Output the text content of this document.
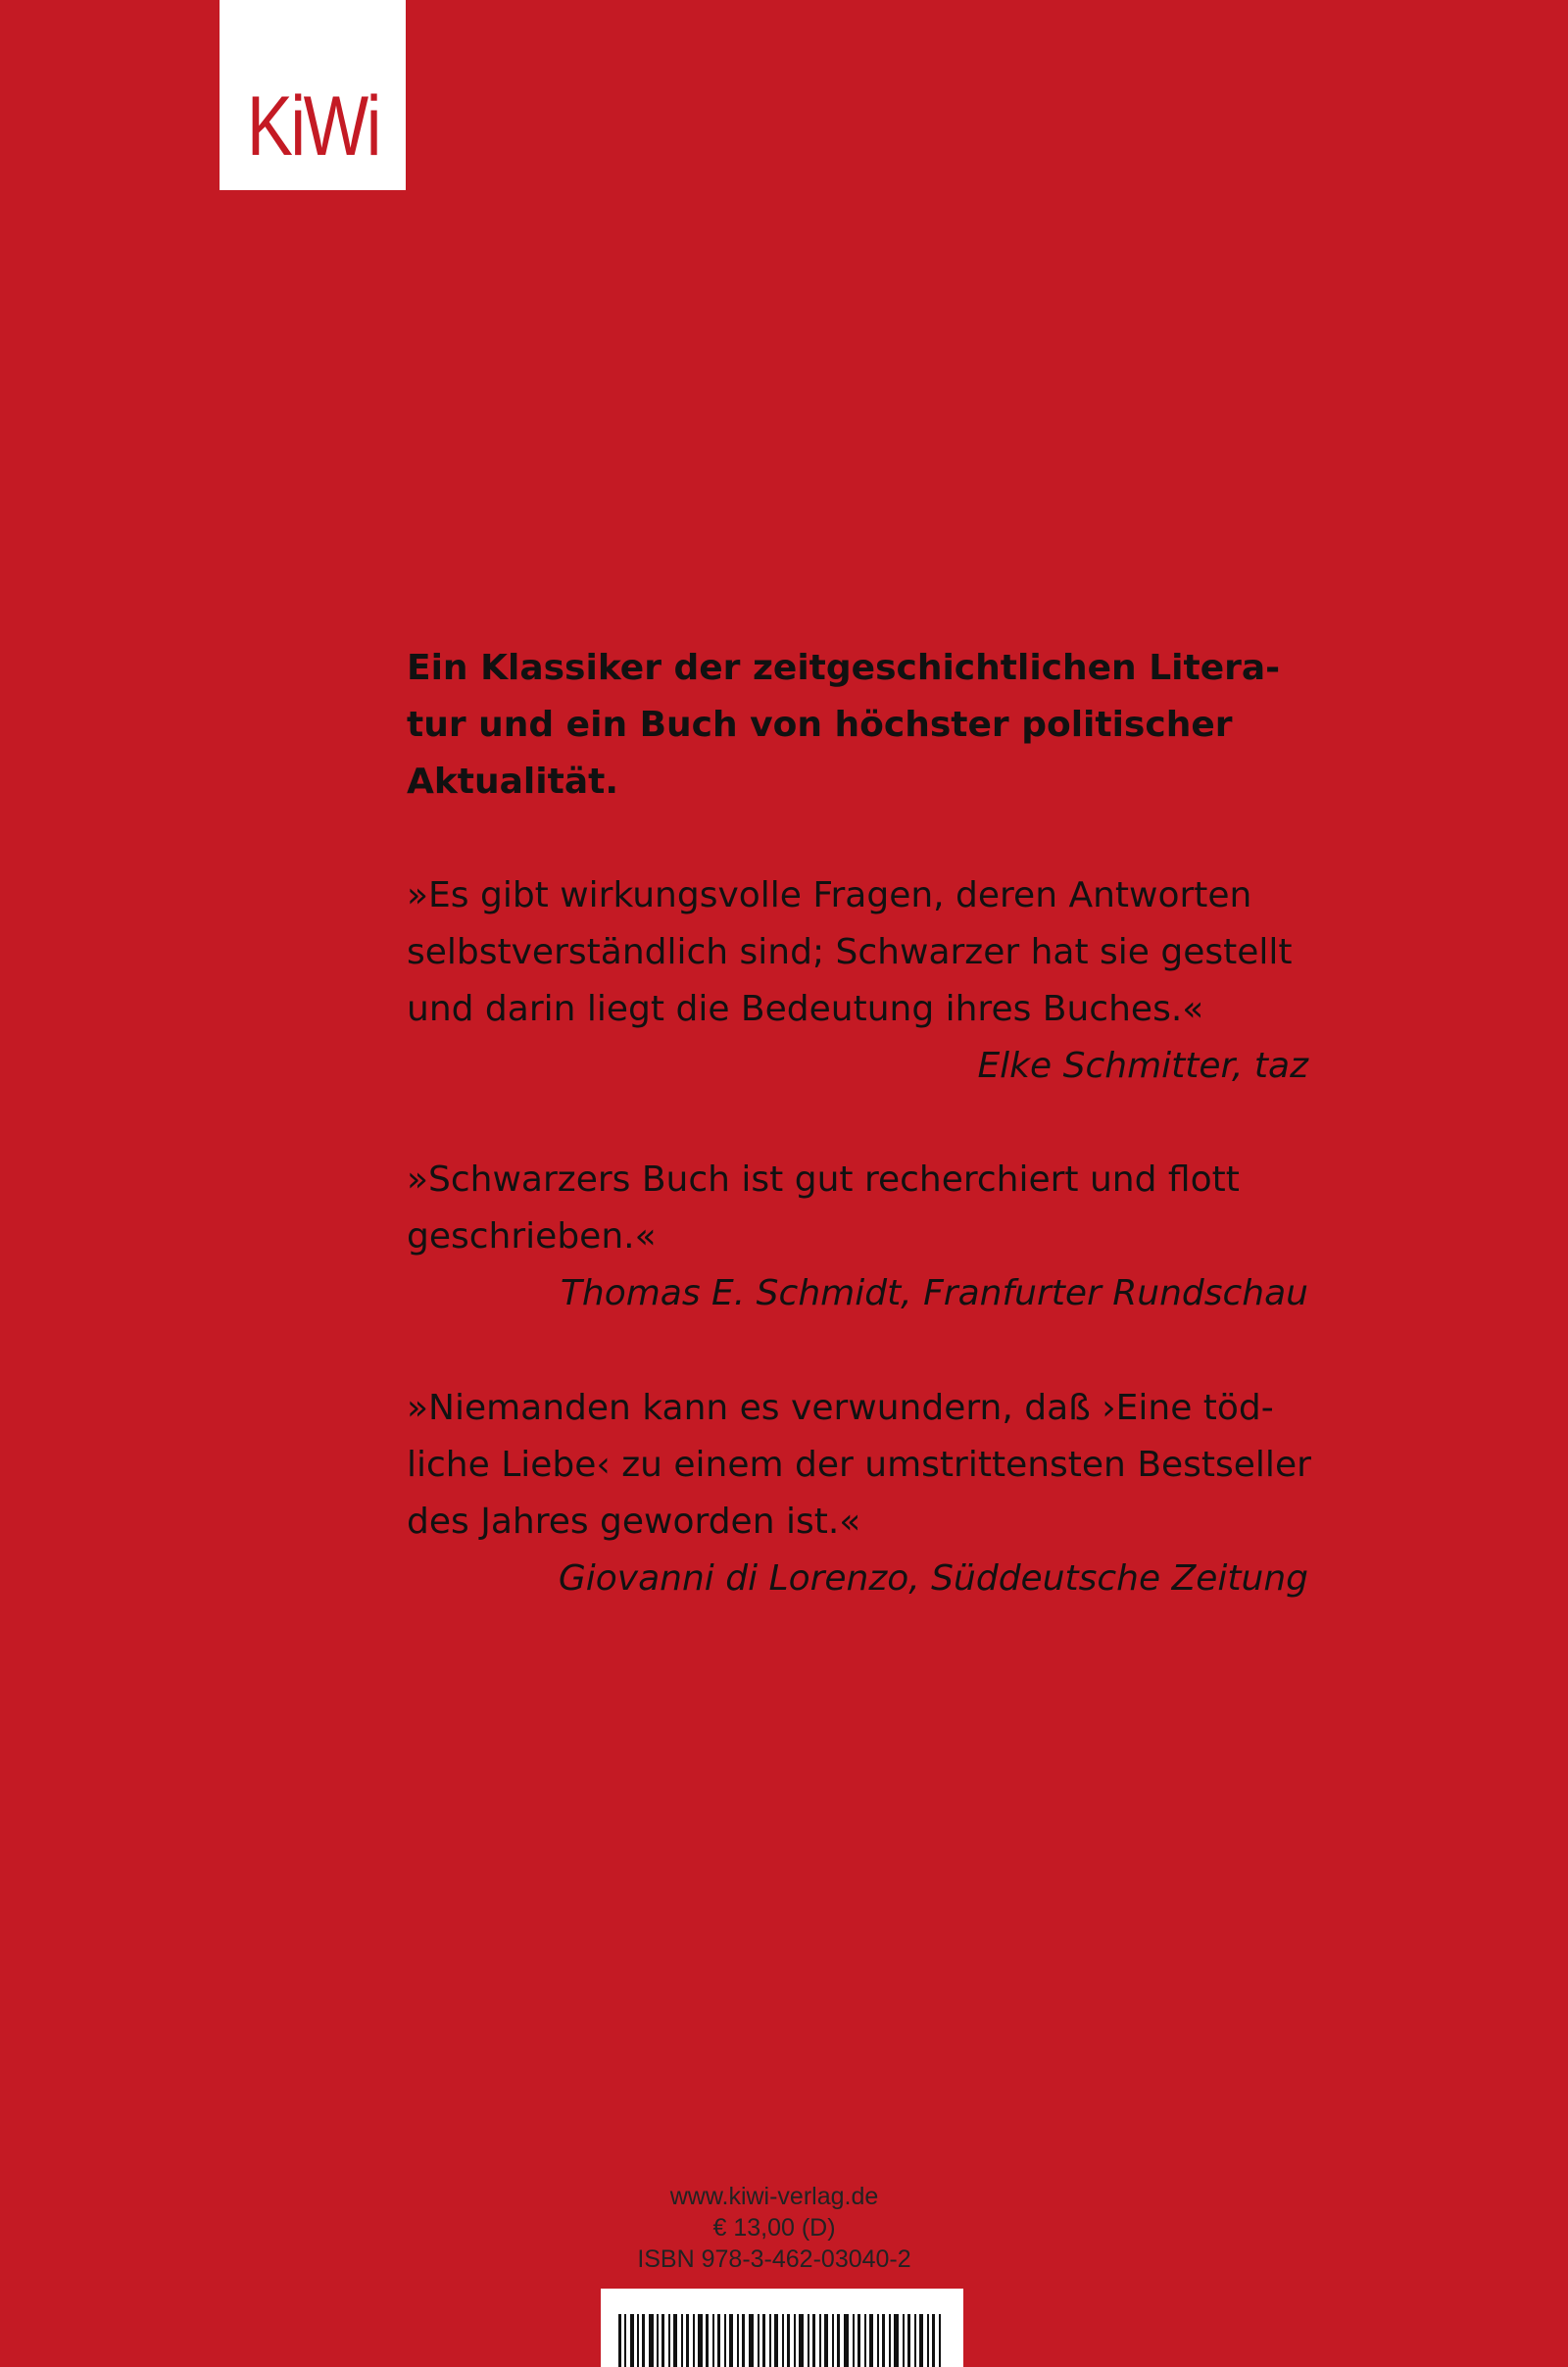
KiWi

Ein Klassiker der zeitgeschichtlichen Litera-
tur und ein Buch von höchster politischer
Aktualität.

»Es gibt wirkungsvolle Fragen, deren Antworten
selbstverständlich sind; Schwarzer hat sie gestellt
und darin liegt die Bedeutung ihres Buches.«
Elke Schmitter, taz
»Schwarzers Buch ist gut recherchiert und flott
geschrieben.«
Thomas E. Schmidt, Franfurter Rundschau
»Niemanden kann es verwundern, daß ›Eine töd-
liche Liebe‹ zu einem der umstrittensten Bestseller
des Jahres geworden ist.«
Giovanni di Lorenzo, Süddeutsche Zeitung
www.kiwi-verlag.de
€ 13,00 (D)
ISBN 978-3-462-03040-2
